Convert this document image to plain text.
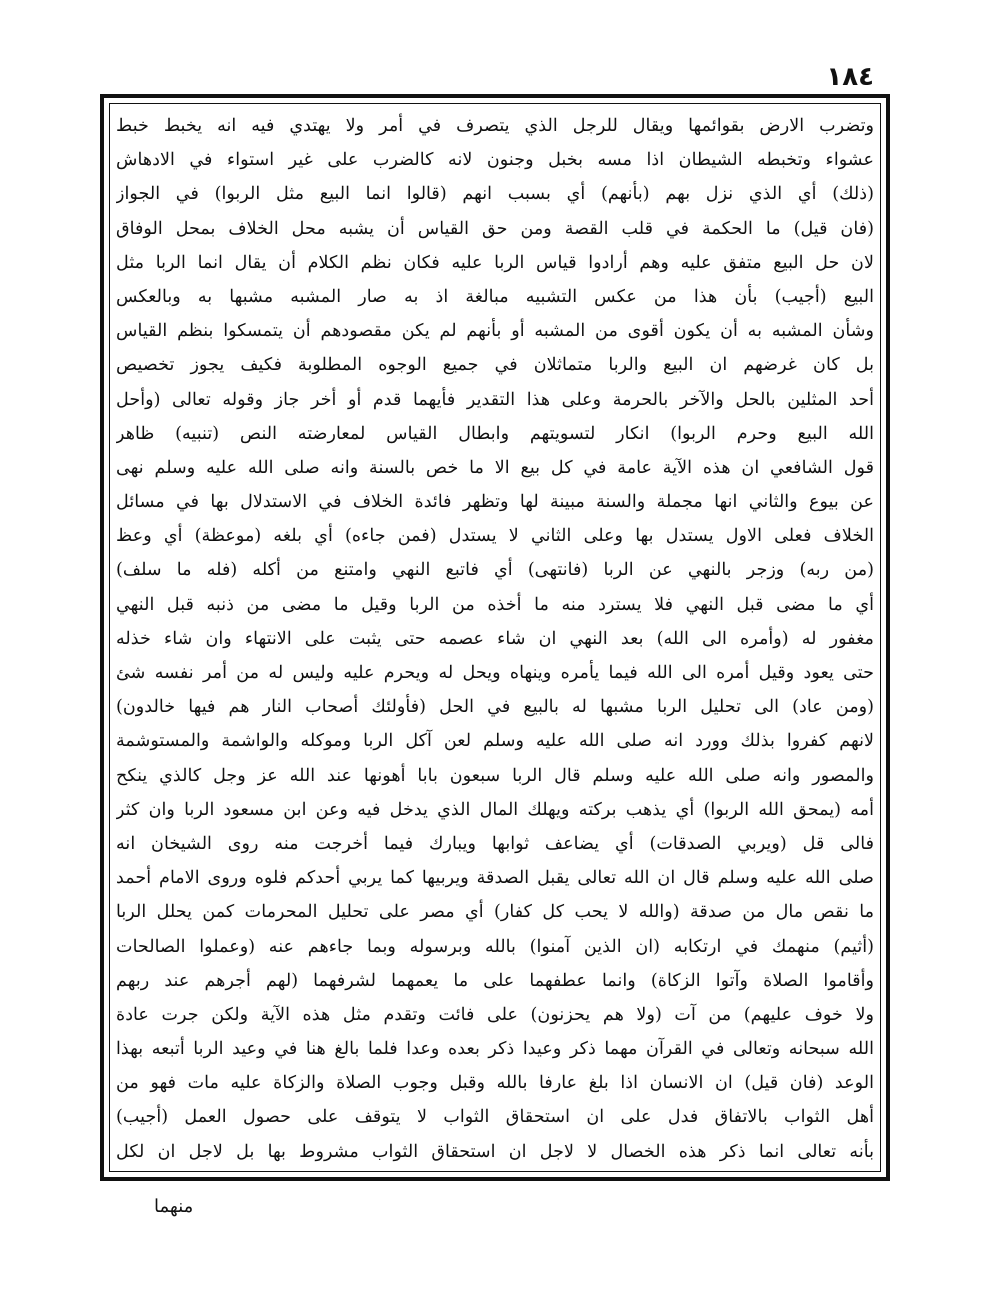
١٨٤
وتضرب الارض بقوائمها ويقال للرجل الذي يتصرف في أمر ولا يهتدي فيه انه يخبط خبط
عشواء وتخبطه الشيطان اذا مسه بخبل وجنون لانه كالضرب على غير استواء في الادهاش
(ذلك) أي الذي نزل بهم (بأنهم) أي بسبب انهم (قالوا انما البيع مثل الربوا) في الجواز
(فان قيل) ما الحكمة في قلب القصة ومن حق القياس أن يشبه محل الخلاف بمحل الوفاق
لان حل البيع متفق عليه وهم أرادوا قياس الربا عليه فكان نظم الكلام أن يقال انما الربا مثل
البيع (أجيب) بأن هذا من عكس التشبيه مبالغة اذ به صار المشبه مشبها به وبالعكس
وشأن المشبه به أن يكون أقوى من المشبه أو بأنهم لم يكن مقصودهم أن يتمسكوا بنظم القياس
بل كان غرضهم ان البيع والربا متماثلان في جميع الوجوه المطلوبة فكيف يجوز تخصيص
أحد المثلين بالحل والآخر بالحرمة وعلى هذا التقدير فأيهما قدم أو أخر جاز وقوله تعالى (وأحل
الله البيع وحرم الربوا) انكار لتسويتهم وابطال القياس لمعارضته النص (تنبيه) ظاهر
قول الشافعي ان هذه الآية عامة في كل بيع الا ما خص بالسنة وانه صلى الله عليه وسلم نهى
عن بيوع والثاني انها مجملة والسنة مبينة لها وتظهر فائدة الخلاف في الاستدلال بها في مسائل
الخلاف فعلى الاول يستدل بها وعلى الثاني لا يستدل (فمن جاءه) أي بلغه (موعظة) أي وعظ
(من ربه) وزجر بالنهي عن الربا (فانتهى) أي فاتبع النهي وامتنع من أكله (فله ما سلف)
أي ما مضى قبل النهي فلا يسترد منه ما أخذه من الربا وقيل ما مضى من ذنبه قبل النهي
مغفور له (وأمره الى الله) بعد النهي ان شاء عصمه حتى يثبت على الانتهاء وان شاء خذله
حتى يعود وقيل أمره الى الله فيما يأمره وينهاه ويحل له ويحرم عليه وليس له من أمر نفسه شئ
(ومن عاد) الى تحليل الربا مشبها له بالبيع في الحل (فأولئك أصحاب النار هم فيها خالدون)
لانهم كفروا بذلك وورد انه صلى الله عليه وسلم لعن آكل الربا وموكله والواشمة والمستوشمة
والمصور وانه صلى الله عليه وسلم قال الربا سبعون بابا أهونها عند الله عز وجل كالذي ينكح
أمه (يمحق الله الربوا) أي يذهب بركته ويهلك المال الذي يدخل فيه وعن ابن مسعود الربا وان كثر
فالى قل (ويربي الصدقات) أي يضاعف ثوابها ويبارك فيما أخرجت منه روى الشيخان انه
صلى الله عليه وسلم قال ان الله تعالى يقبل الصدقة ويربيها كما يربي أحدكم فلوه وروى الامام أحمد
ما نقص مال من صدقة (والله لا يحب كل كفار) أي مصر على تحليل المحرمات كمن يحلل الربا
(أثيم) منهمك في ارتكابه (ان الذين آمنوا) بالله وبرسوله وبما جاءهم عنه (وعملوا الصالحات
وأقاموا الصلاة وآتوا الزكاة) وانما عطفهما على ما يعمهما لشرفهما (لهم أجرهم عند ربهم
ولا خوف عليهم) من آت (ولا هم يحزنون) على فائت وتقدم مثل هذه الآية ولكن جرت عادة
الله سبحانه وتعالى في القرآن مهما ذكر وعيدا ذكر بعده وعدا فلما بالغ هنا في وعيد الربا أتبعه بهذا
الوعد (فان قيل) ان الانسان اذا بلغ عارفا بالله وقبل وجوب الصلاة والزكاة عليه مات فهو من
أهل الثواب بالاتفاق فدل على ان استحقاق الثواب لا يتوقف على حصول العمل (أجيب)
بأنه تعالى انما ذكر هذه الخصال لا لاجل ان استحقاق الثواب مشروط بها بل لاجل ان لكل
منهما
